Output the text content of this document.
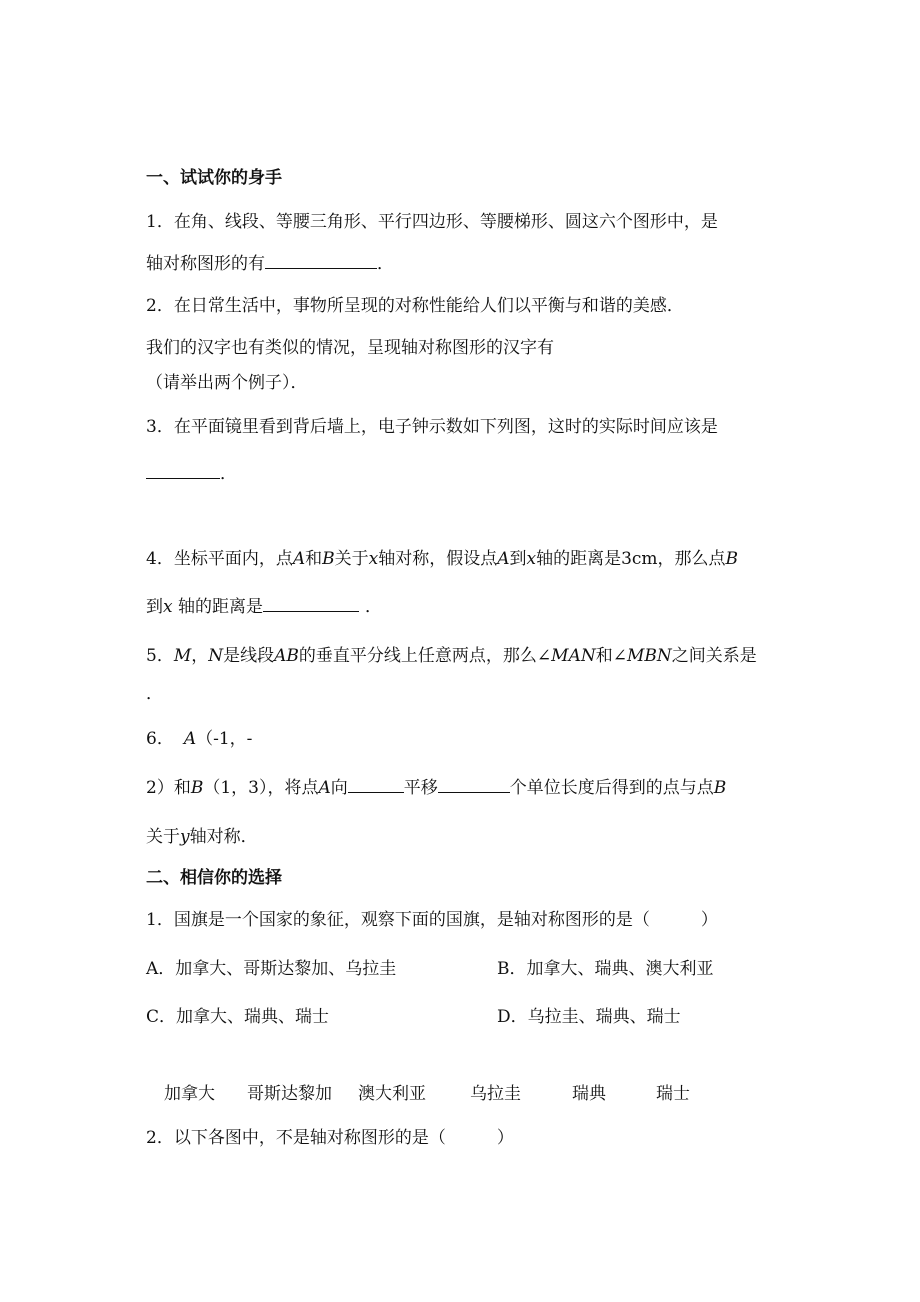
一、试试你的身手
1．在角、线段、等腰三角形、平行四边形、等腰梯形、圆这六个图形中，是
轴对称图形的有	．
2．在日常生活中，事物所呈现的对称性能给人们以平衡与和谐的美感．
我们的汉字也有类似的情况，呈现轴对称图形的汉字有
（请举出两个例子）．
3．在平面镜里看到背后墙上，电子钟示数如下列图，这时的实际时间应该是
．
4．坐标平面内，点A和B关于x轴对称，假设点A到x轴的距离是3cm，那么点B
到x 轴的距离是	．
5．M，N是线段AB的垂直平分线上任意两点，那么∠MAN和∠MBN之间关系是
．
6． A（-1，-
2）和B（1，3），将点A向	平移	个单位长度后得到的点与点B
关于y轴对称．
二、相信你的选择
1．国旗是一个国家的象征，观察下面的国旗，是轴对称图形的是（　　　）
A．加拿大、哥斯达黎加、乌拉圭	B．加拿大、瑞典、澳大利亚
C．加拿大、瑞典、瑞士	D．乌拉圭、瑞典、瑞士
加拿大 哥斯达黎加 澳大利亚	乌拉圭	瑞典	瑞士
2．以下各图中，不是轴对称图形的是（　　　）
